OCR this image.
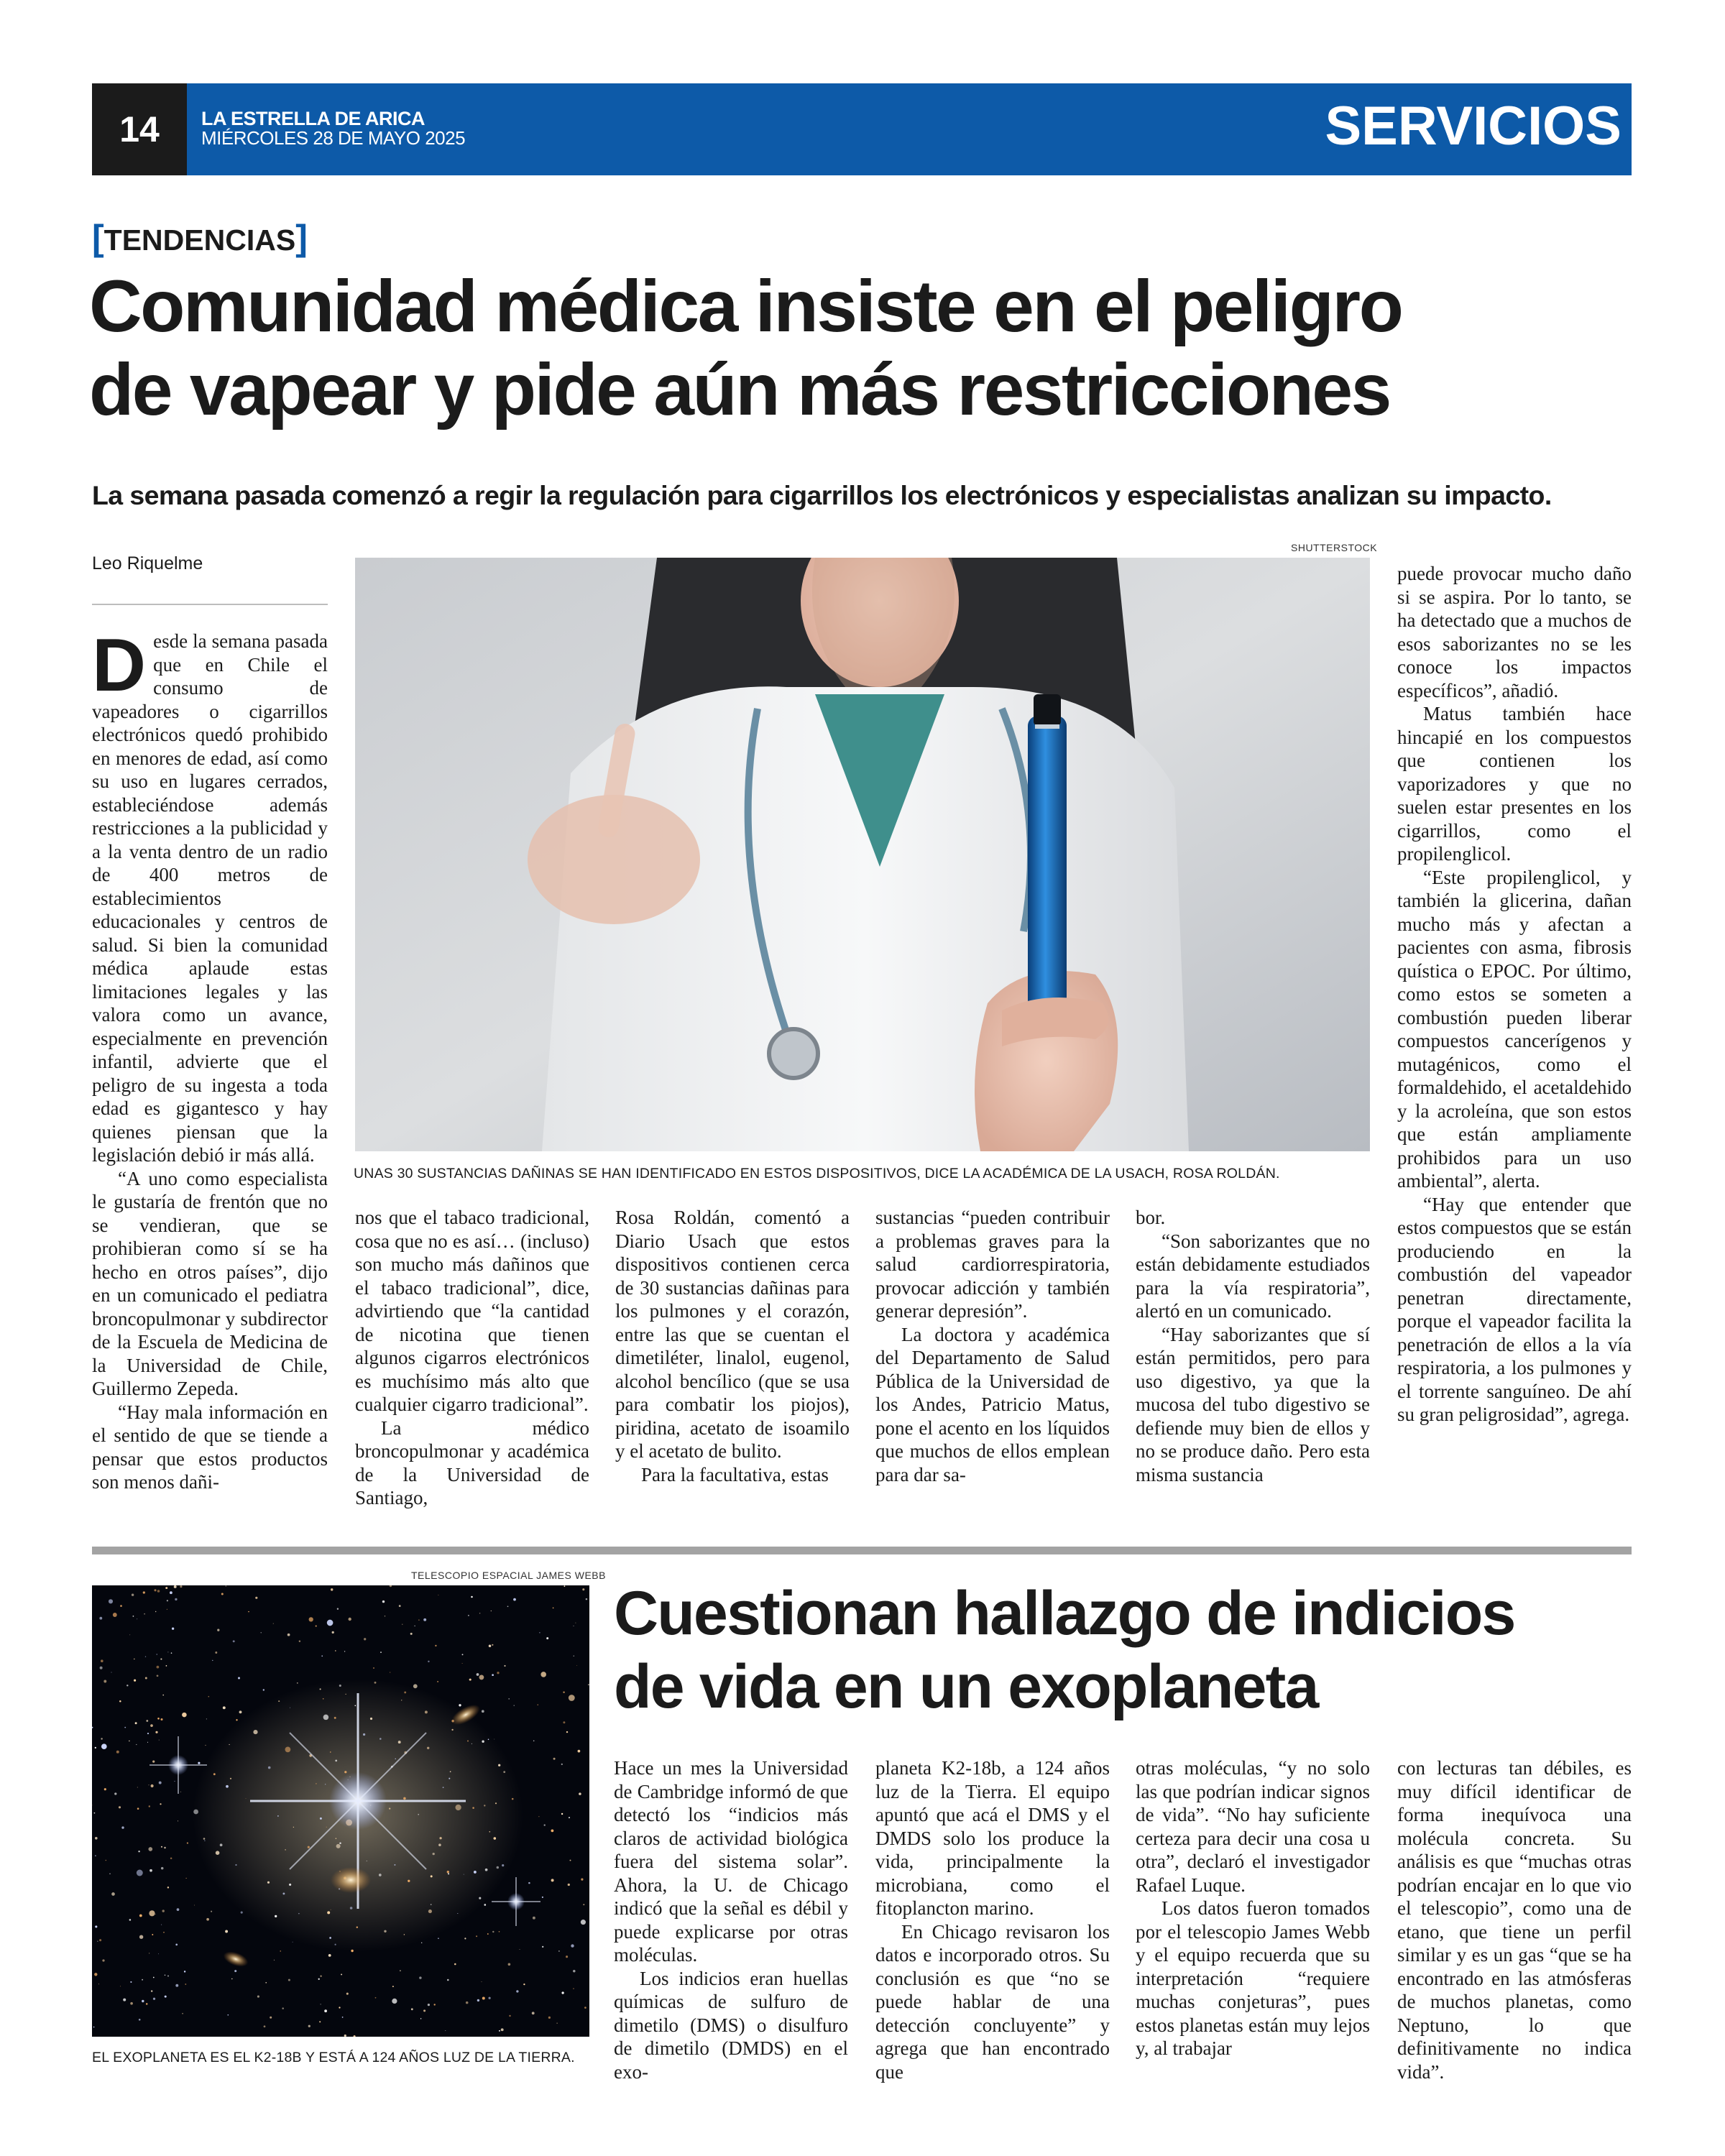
14	LA ESTRELLA DE ARICA
MIÉRCOLES 28 DE MAYO 2025	SERVICIOS
[TENDENCIAS]
Comunidad médica insiste en el peligro
de vapear y pide aún más restricciones
La semana pasada comenzó a regir la regulación para cigarrillos los electrónicos y especialistas analizan su impacto.
Leo Riquelme
SHUTTERSTOCK
UNAS 30 SUSTANCIAS DAÑINAS SE HAN IDENTIFICADO EN ESTOS DISPOSITIVOS, DICE LA ACADÉMICA DE LA USACH, ROSA ROLDÁN.

Desde la semana pasada que en Chile el consumo de vapeadores o cigarrillos electrónicos quedó prohibido en menores de edad, así como su uso en lugares cerrados, estableciéndose además restricciones a la publicidad y a la venta dentro de un radio de 400 metros de establecimientos educacionales y centros de salud. Si bien la comunidad médica aplaude estas limitaciones legales y las valora como un avance, especialmente en prevención infantil, advierte que el peligro de su ingesta a toda edad es gigantesco y hay quienes piensan que la legislación debió ir más allá.

“A uno como especialista le gustaría de frentón que no se vendieran, que se prohibieran como sí se ha hecho en otros países”, dijo en un comunicado el pediatra broncopulmonar y subdirector de la Escuela de Medicina de la Universidad de Chile, Guillermo Zepeda.

“Hay mala información en el sentido de que se tiende a pensar que estos productos son menos dañi-

nos que el tabaco tradicional, cosa que no es así… (incluso) son mucho más dañinos que el tabaco tradicional”, dice, advirtiendo que “la cantidad de nicotina que tienen algunos cigarros electrónicos es muchísimo más alto que cualquier cigarro tradicional”.

La médico broncopulmonar y académica de la Universidad de Santiago,

Rosa Roldán, comentó a Diario Usach que estos dispositivos contienen cerca de 30 sustancias dañinas para los pulmones y el corazón, entre las que se cuentan el dimetiléter, linalol, eugenol, alcohol bencílico (que se usa para combatir los piojos), piridina, acetato de isoamilo y el acetato de bulito.

Para la facultativa, estas

sustancias “pueden contribuir a problemas graves para la salud cardiorrespiratoria, provocar adicción y también generar depresión”.

La doctora y académica del Departamento de Salud Pública de la Universidad de los Andes, Patricio Matus, pone el acento en los líquidos que muchos de ellos emplean para dar sa-

bor.

“Son saborizantes que no están debidamente estudiados para la vía respiratoria”, alertó en un comunicado.

“Hay saborizantes que sí están permitidos, pero para uso digestivo, ya que la mucosa del tubo digestivo se defiende muy bien de ellos y no se produce daño. Pero esta misma sustancia

puede provocar mucho daño si se aspira. Por lo tanto, se ha detectado que a muchos de esos saborizantes no se les conoce los impactos específicos”, añadió.

Matus también hace hincapié en los compuestos que contienen los vaporizadores y que no suelen estar presentes en los cigarrillos, como el propilenglicol.

“Este propilenglicol, y también la glicerina, dañan mucho más y afectan a pacientes con asma, fibrosis quística o EPOC. Por último, como estos se someten a combustión pueden liberar compuestos cancerígenos y mutagénicos, como el formaldehido, el acetaldehido y la acroleína, que son estos que están ampliamente prohibidos para un uso ambiental”, alerta.

“Hay que entender que estos compuestos que se están produciendo en la combustión del vapeador penetran directamente, porque el vapeador facilita la penetración de ellos a la vía respiratoria, a los pulmones y el torrente sanguíneo. De ahí su gran peligrosidad”, agrega.

TELESCOPIO ESPACIAL JAMES WEBB
EL EXOPLANETA ES EL K2-18B Y ESTÁ A 124 AÑOS LUZ DE LA TIERRA.
Cuestionan hallazgo de indicios
de vida en un exoplaneta

Hace un mes la Universidad de Cambridge informó de que detectó los “indicios más claros de actividad biológica fuera del sistema solar”. Ahora, la U. de Chicago indicó que la señal es débil y puede explicarse por otras moléculas.

Los indicios eran huellas químicas de sulfuro de dimetilo (DMS) o disulfuro de dimetilo (DMDS) en el exo-

planeta K2-18b, a 124 años luz de la Tierra. El equipo apuntó que acá el DMS y el DMDS solo los produce la vida, principalmente la microbiana, como el fitoplancton marino.

En Chicago revisaron los datos e incorporado otros. Su conclusión es que “no se puede hablar de una detección concluyente” y agrega que han encontrado que

otras moléculas, “y no solo las que podrían indicar signos de vida”. “No hay suficiente certeza para decir una cosa u otra”, declaró el investigador Rafael Luque.

Los datos fueron tomados por el telescopio James Webb y el equipo recuerda que su interpretación “requiere muchas conjeturas”, pues estos planetas están muy lejos y, al trabajar

con lecturas tan débiles, es muy difícil identificar de forma inequívoca una molécula concreta. Su análisis es que “muchas otras podrían encajar en lo que vio el telescopio”, como una de etano, que tiene un perfil similar y es un gas “que se ha encontrado en las atmósferas de muchos planetas, como Neptuno, lo que definitivamente no indica vida”.
